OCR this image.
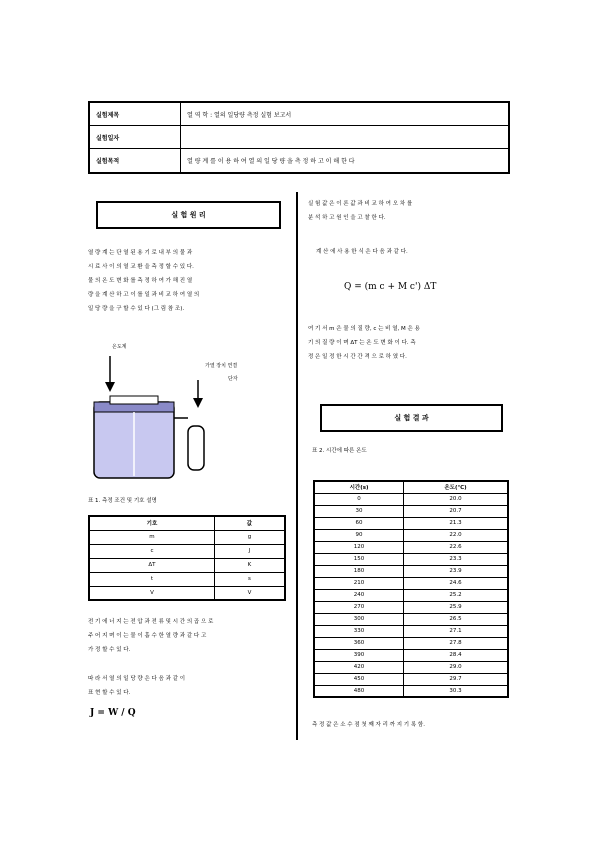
실험제목	열 역 학 : 열의 일당량 측정 실험 보고서
실험일자
실험목적	열 량 계 를 이 용 하 여 열 의 일 당 량 을 측 정 하 고 이 해 한 다
실 험 원 리
열 량 계 는 단 열 된 용 기 로 내 부 의 물 과
시 료 사 이 의 열 교 환 을 측 정 할 수 있 다.
물 의 온 도 변 화 를 측 정 하 여 가 해 진 열
량 을 계 산 하 고 이 를 일 과 비 교 하 여 열 의
일 당 량 을 구 할 수 있 다 (그 림 참 조).
온도계
가열 장치 연결
단자
표 1. 측정 조건 및 기호 설명
기호	값
m	g
c	J
ΔT	K
t	s
V	V
전 기 에 너 지 는 전 압 과 전 류 및 시 간 의 곱 으 로
주 어 지 며 이 는 물 이 흡 수 한 열 량 과 같 다 고
가 정 할 수 있 다.
따 라 서 열 의 일 당 량 은 다 음 과 같 이
표 현 할 수 있 다.
J = W / Q
실 험 값 은 이 론 값 과 비 교 하 여 오 차 를
분 석 하 고 원 인 을 고 찰 한 다.
계 산 에 사 용 한 식 은 다 음 과 같 다.
Q = (m c + M c') ΔT
여 기 서 m 은 물 의 질 량, c 는 비 열, M 은 용
기 의 질 량 이 며 ΔT 는 온 도 변 화 이 다. 측
정 은 일 정 한 시 간 간 격 으 로 하 였 다.
실 험 결 과
표 2. 시간에 따른 온도
시간(s)	온도(℃)
0	20.0
30	20.7
60	21.3
90	22.0
120	22.6
150	23.3
180	23.9
210	24.6
240	25.2
270	25.9
300	26.5
330	27.1
360	27.8
390	28.4
420	29.0
450	29.7
480	30.3
측 정 값 은 소 수 점 첫 째 자 리 까 지 기 록 함.
